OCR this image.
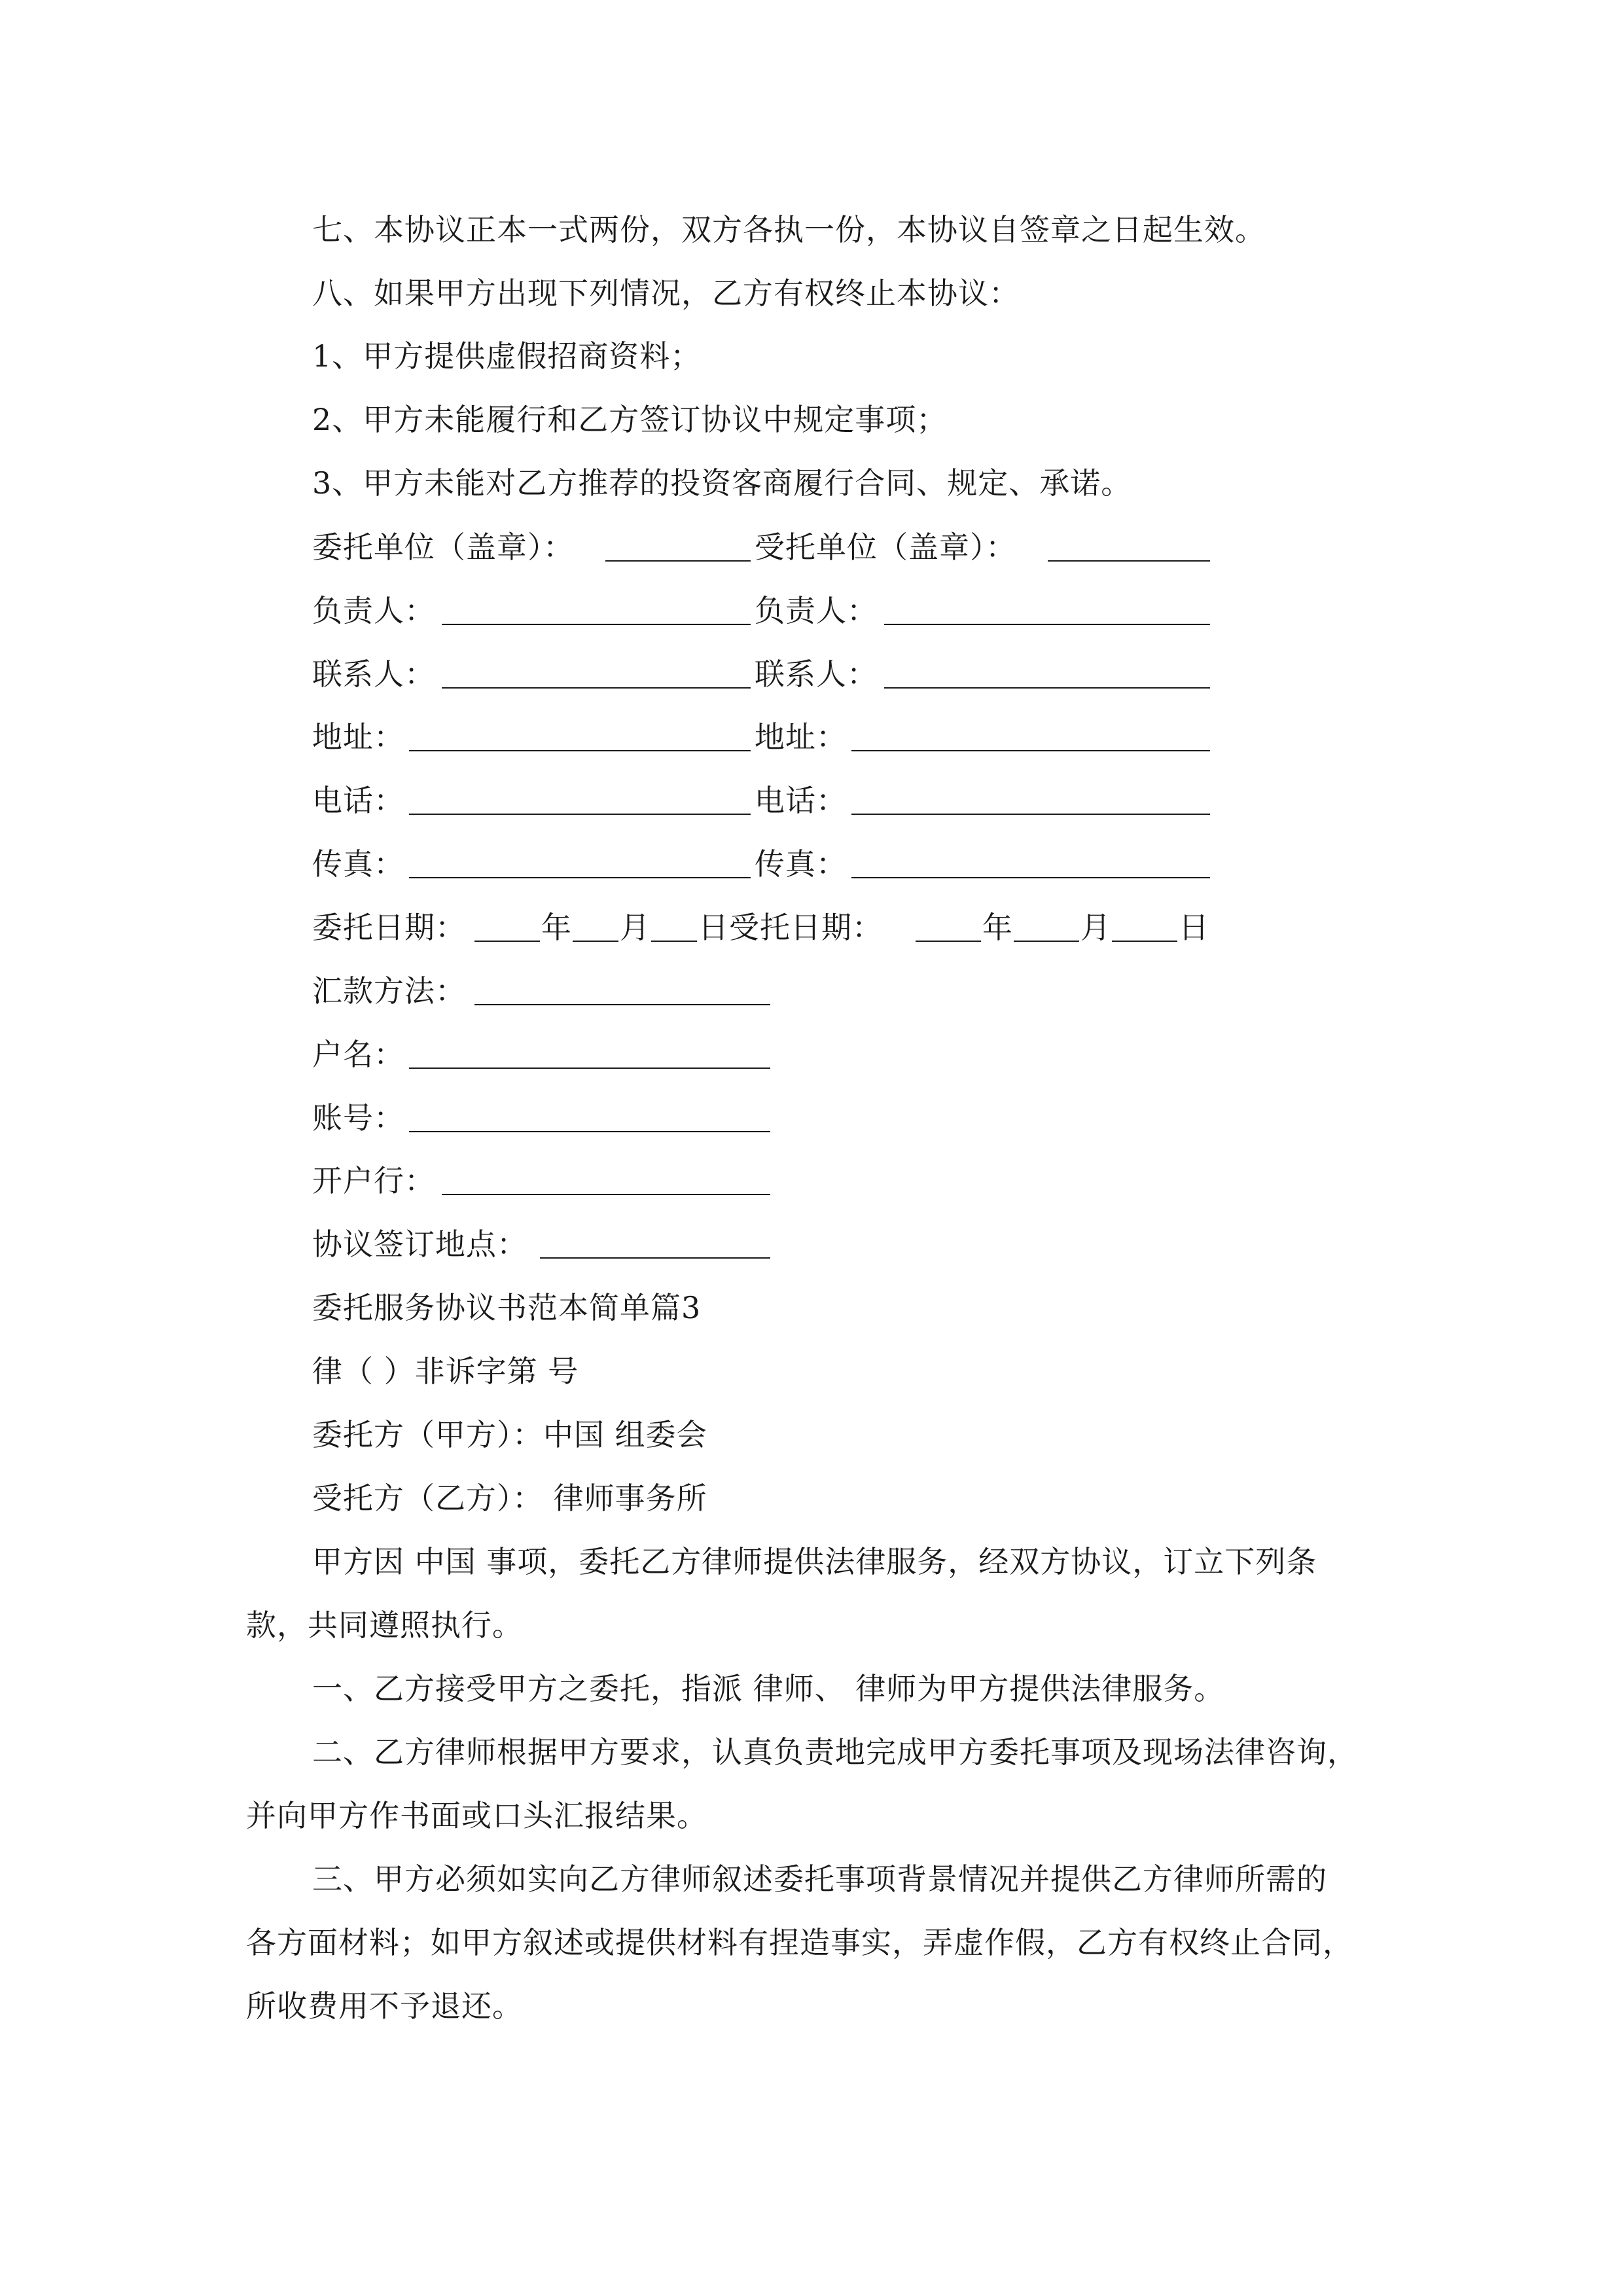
七、本协议正本一式两份，双方各执一份，本协议自签章之日起生效。
八、如果甲方出现下列情况，乙方有权终止本协议：
1、甲方提供虚假招商资料；
2、甲方未能履行和乙方签订协议中规定事项；
3、甲方未能对乙方推荐的投资客商履行合同、规定、承诺。
委托单位（盖章）：	受托单位（盖章）：
负责人：	负责人：
联系人：	联系人：
地址：	地址：
电话：	电话：
传真：	传真：
委托日期：	年 月 日受托日期：	年 月 日
汇款方法：
户名：
账号：
开户行：
协议签订地点：
委托服务协议书范本简单篇3
律（ ）非诉字第 号
委托方（甲方）：中国 组委会
受托方（乙方）： 律师事务所
甲方因 中国 事项，委托乙方律师提供法律服务，经双方协议，订立下列条
款，共同遵照执行。
一、乙方接受甲方之委托，指派 律师、 律师为甲方提供法律服务。
二、乙方律师根据甲方要求，认真负责地完成甲方委托事项及现场法律咨询，
并向甲方作书面或口头汇报结果。
三、甲方必须如实向乙方律师叙述委托事项背景情况并提供乙方律师所需的
各方面材料；如甲方叙述或提供材料有捏造事实，弄虚作假，乙方有权终止合同，
所收费用不予退还。
